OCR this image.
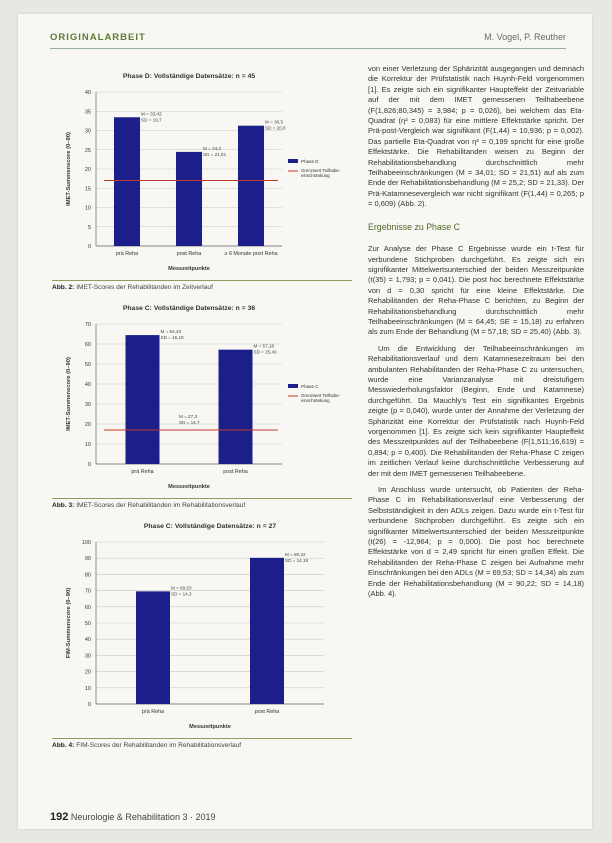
ORIGINALARBEIT	M. Vogel, P. Reuther
Phase D: Vollständige Datensätze: n = 45
0
5
10
15
20
25
30
35
40
IMET-Summenscore (0–90)
M = 33,43
SD = 19,7
prä Reha
M = 24,2
SD = 21,51
post Reha
M = 30,5
SD = 20,8
≥ 6 Monate post Reha
Messzeitpunkte
Phase D
Grenzwert Teilhabe-
einschränkung
Abb. 2: IMET-Scores der Rehabilitanden im Zeitverlauf
Phase C: Vollständige Datensätze: n = 36
0
10
20
30
40
50
60
70
IMET-Summenscore (0–90)
M = 64,43
SD = 15,18
prä Reha
M = 57,18
SD = 25,40
post Reha
M = 27,3
SD = 14,7
Messzeitpunkte
Phase C
Grenzwert Teilhabe-
einschränkung
Abb. 3: IMET-Scores der Rehabilitanden im Rehabilitationsverlauf
Phase C: Vollständige Datensätze: n = 27
0
10
20
30
40
50
60
70
80
90
100
FIM-Summenscore (0–90)
M = 69,53
SD = 14,3
prä Reha
M = 90,22
SD = 14,18
post Reha
Messzeitpunkte
Abb. 4: FIM-Scores der Rehabilitanden im Rehabilitationsverlauf

von einer Verletzung der Sphärizität ausgegangen und demnach die Korrektur der Prüfstatistik nach Huynh-Feld vorgenommen [1]. Es zeigte sich ein signifikanter Haupteffekt der Zeitvariable auf der mit dem IMET gemessenen Teilhabeebene (F(1,826;80,345) = 3,984; p = 0,026), bei welchem das Eta-Quadrat (η² = 0,083) für eine mittlere Effektstärke spricht. Der Prä-post-Vergleich war signifikant (F(1,44) = 10,936; p = 0,002). Das partielle Eta-Quadrat von η² = 0,199 spricht für eine große Effektstärke. Die Rehabilitanden weisen zu Beginn der Rehabilitationsbehandlung durchschnittlich mehr Teilhabeeinschränkungen (M = 34,01; SD = 21,51) auf als zum Ende der Rehabilitationsbehandlung (M = 25,2; SD = 21,33). Der Prä-Katamnesevergleich war nicht signifikant (F(1,44) = 0,265; p = 0,609) (Abb. 2).

Ergebnisse zu Phase C

Zur Analyse der Phase C Ergebnisse wurde ein t-Test für verbundene Stichproben durchgeführt. Es zeigte sich ein signifikanter Mittelwertsunterschied der beiden Messzeitpunkte (t(35) = 1,793; p = 0,041). Die post hoc berechnete Effektstärke von d = 0,30 spricht für eine kleine Effektstärke. Die Rehabilitanden der Reha-Phase C berichten, zu Beginn der Rehabilitationsbehandlung durchschnittlich mehr Teilhabeeinschränkungen (M = 64,45; SE = 15,18) zu erfahren als zum Ende der Behandlung (M = 57,18; SD = 25,40) (Abb. 3).

Um die Entwicklung der Teilhabeeinschränkungen im Rehabilitationsverlauf und dem Katamnesezeitraum bei den ambulanten Rehabilitanden der Reha-Phase C zu untersuchen, wurde eine Varianzanalyse mit dreistufigem Messwiederholungsfaktor (Beginn, Ende und Katamnese) durchgeführt. Da Mauchly’s Test ein signifikantes Ergebnis zeigte (p = 0,040), wurde unter der Annahme der Verletzung der Sphärizität eine Korrektur der Prüfstatistik nach Huynh-Feld vorgenommen [1]. Es zeigte sich kein signifikanter Haupteffekt des Messzeitpunktes auf der Teilhabeebene (F(1,511;16,619) = 0,894; p = 0,400). Die Rehabilitanden der Reha-Phase C zeigen im zeitlichen Verlauf keine durchschnittliche Verbesserung auf der mit dem IMET gemessenen Teilhabeebene.

Im Anschluss wurde untersucht, ob Patienten der Reha-Phase C im Rehabilitationsverlauf eine Verbesserung der Selbstständigkeit in den ADLs zeigen. Dazu wurde ein t-Test für verbundene Stichproben durchgeführt. Es zeigte sich ein signifikanter Mittelwertsunterschied der beiden Messzeitpunkte (t(26) = -12,964; p = 0,000). Die post hoc berechnete Effektstärke von d = 2,49 spricht für einen großen Effekt. Die Rehabilitanden der Reha-Phase C zeigen bei Aufnahme mehr Einschränkungen bei den ADLs (M = 69,53; SD = 14,34) als zum Ende der Rehabilitationsbehandlung (M = 90,22; SD = 14,18) (Abb. 4).

192 Neurologie & Rehabilitation 3 · 2019
